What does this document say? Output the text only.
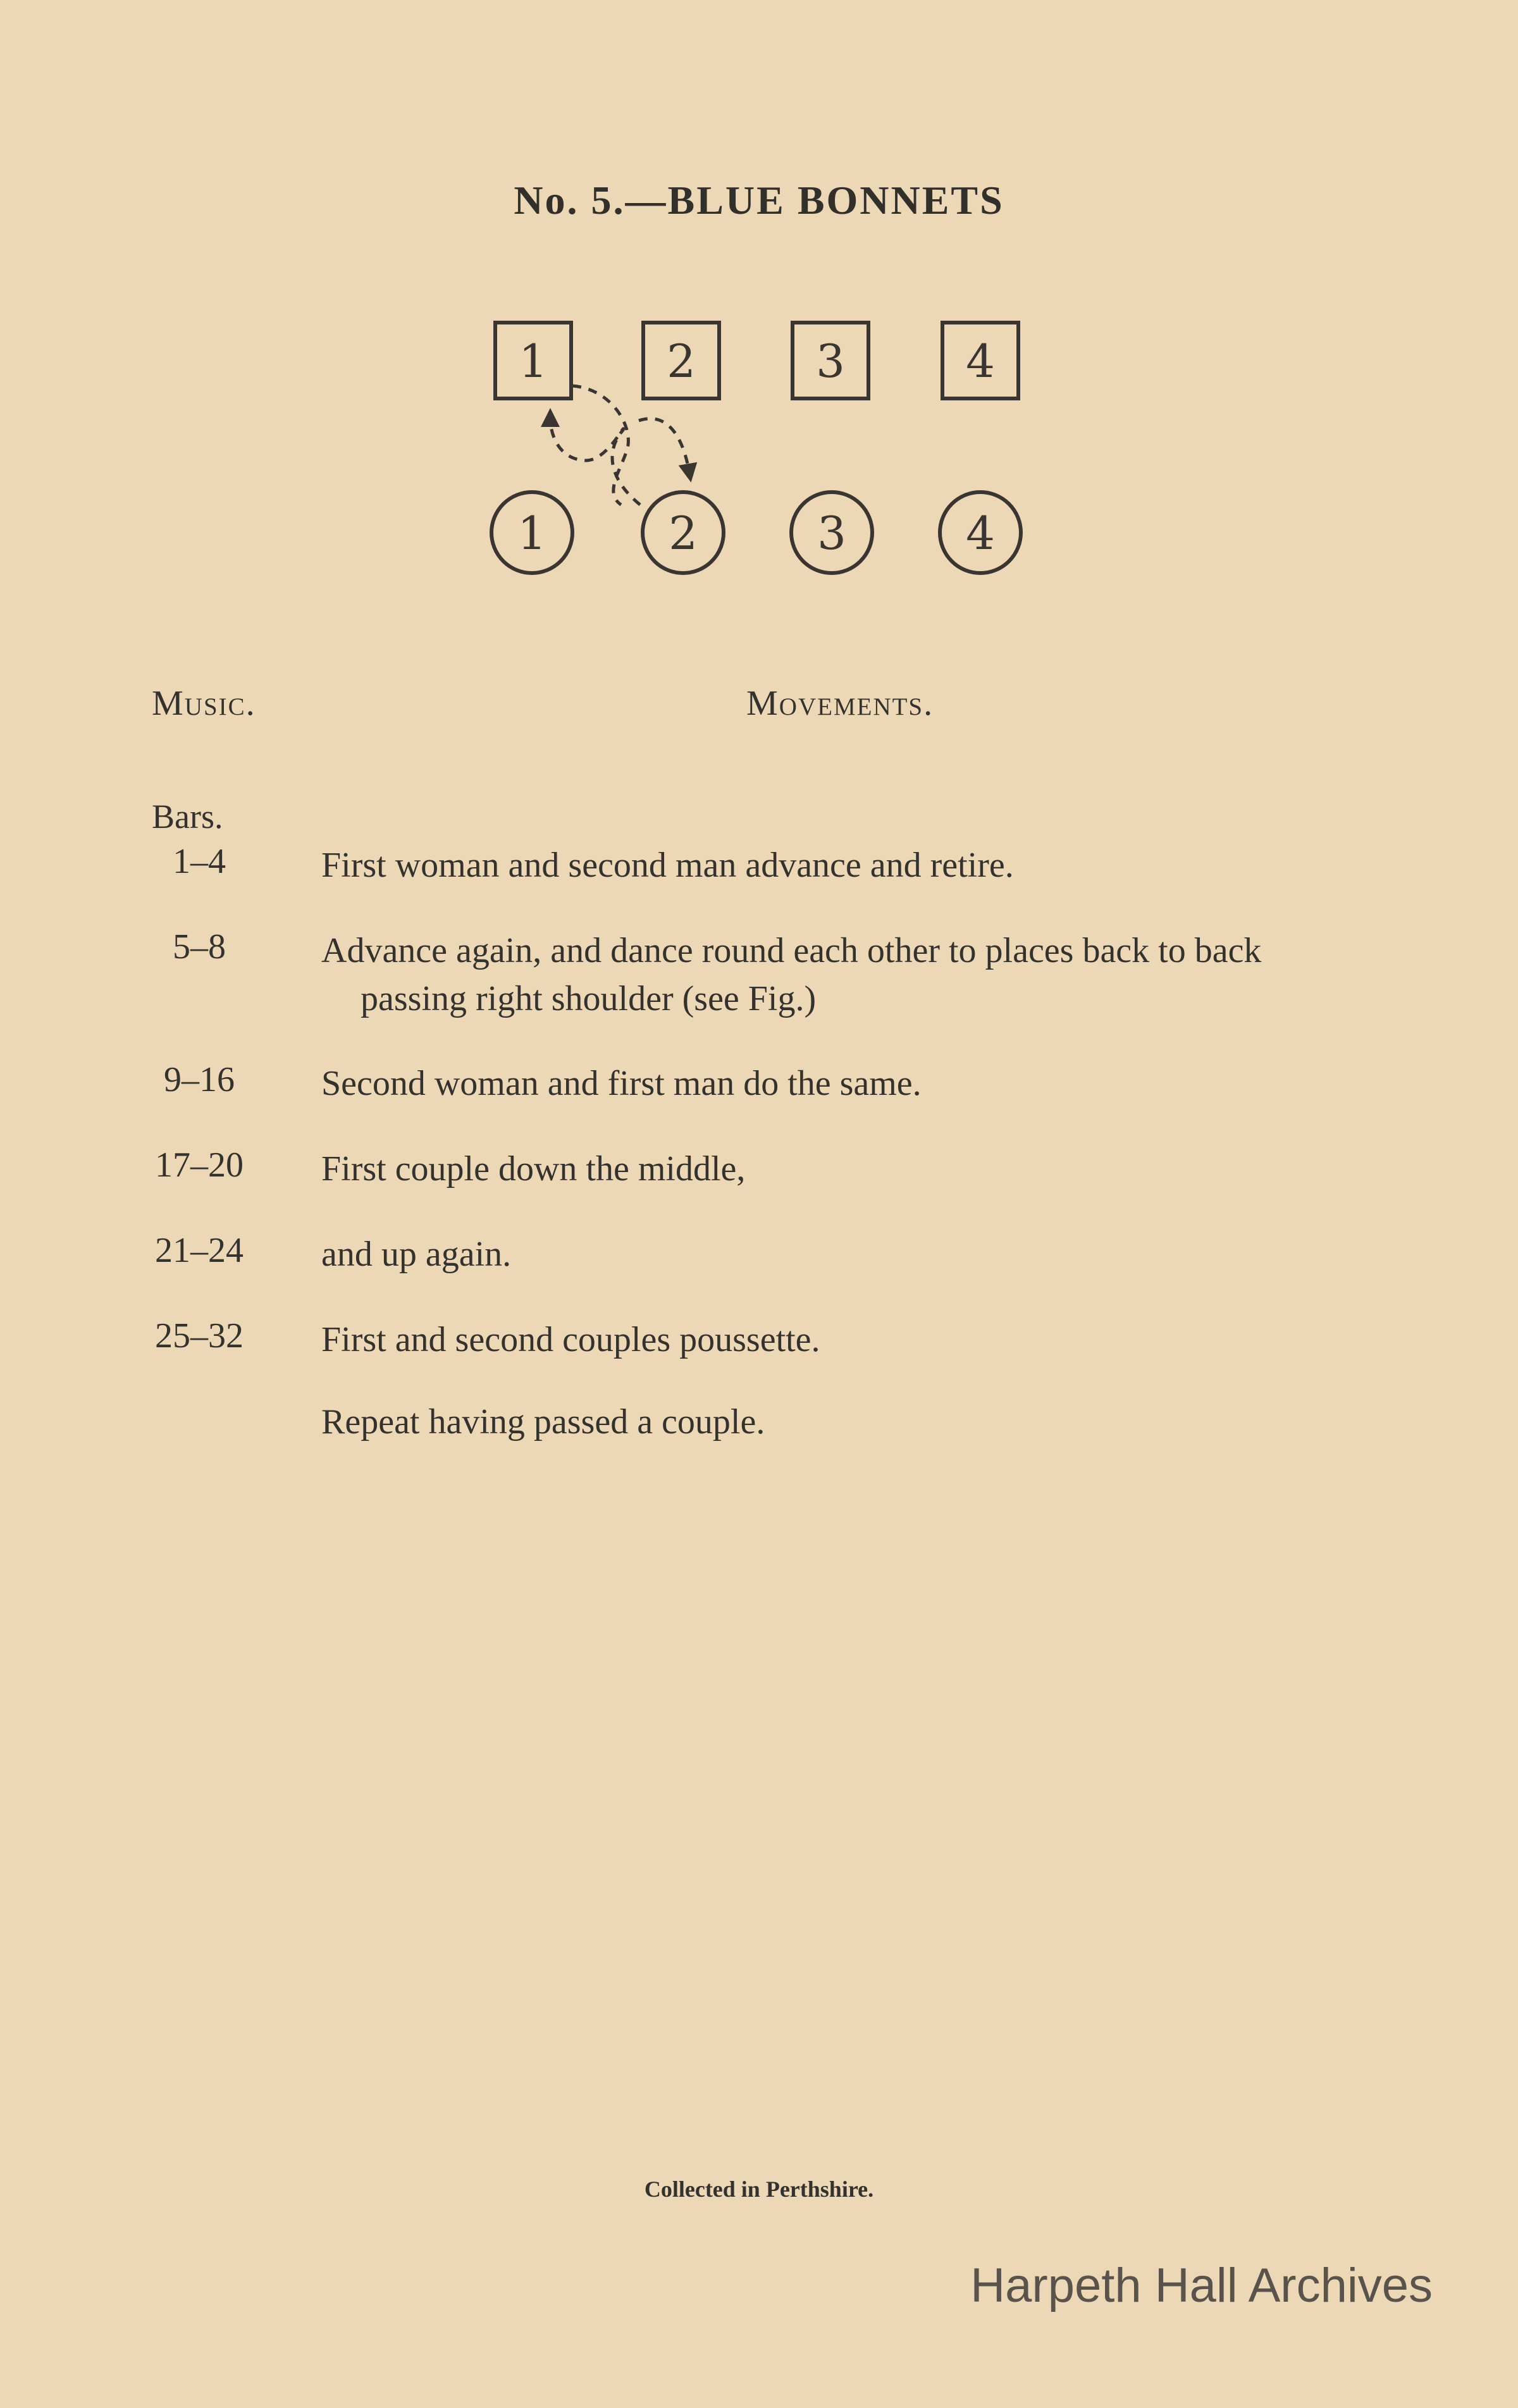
No. 5.—BLUE BONNETS
1	2	3	4
1	2	3	4
Music.	Movements.
Bars.
1–4	First woman and second man advance and retire.
5–8	Advance again, and dance round each other to places back to back
passing right shoulder (see Fig.)
9–16	Second woman and first man do the same.
17–20 First couple down the middle,
21–24 and up again.
25–32 First and second couples poussette.
Repeat having passed a couple.
Collected in Perthshire.
Harpeth Hall Archives
